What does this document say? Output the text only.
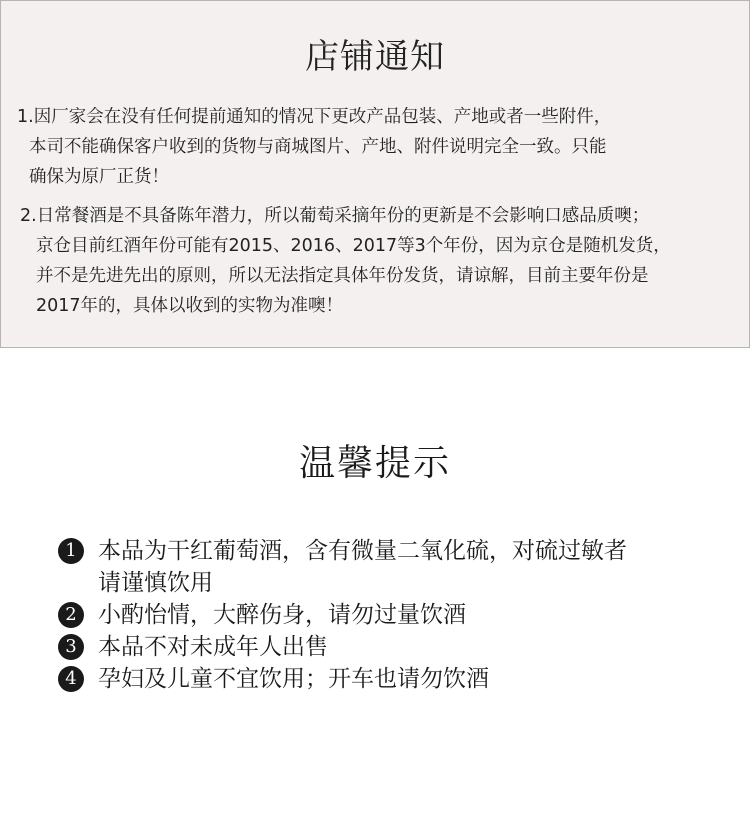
店铺通知
1.因厂家会在没有任何提前通知的情况下更改产品包装、产地或者一些附件，
本司不能确保客户收到的货物与商城图片、产地、附件说明完全一致。只能
确保为原厂正货！
2.日常餐酒是不具备陈年潜力，所以葡萄采摘年份的更新是不会影响口感品质噢；
京仓目前红酒年份可能有2015、2016、2017等3个年份，因为京仓是随机发货，
并不是先进先出的原则，所以无法指定具体年份发货，请谅解，目前主要年份是
2017年的，具体以收到的实物为准噢！
温馨提示
1 本品为干红葡萄酒，含有微量二氧化硫，对硫过敏者
请谨慎饮用
2 小酌怡情，大醉伤身，请勿过量饮酒
3 本品不对未成年人出售
4 孕妇及儿童不宜饮用；开车也请勿饮酒
